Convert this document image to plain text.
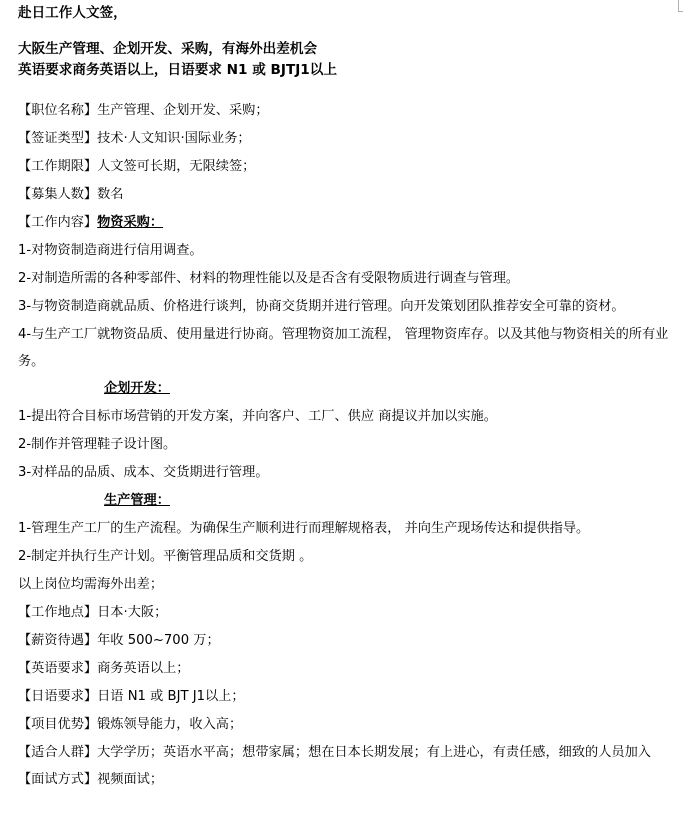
赴日工作人文签，
大阪生产管理、企划开发、采购，有海外出差机会
英语要求商务英语以上，日语要求 N1 或 BJTJ1以上
【职位名称】生产管理、企划开发、采购；
【签证类型】技术·人文知识·国际业务；
【工作期限】人文签可长期，无限续签；
【募集人数】数名
【工作内容】物资采购：
1-对物资制造商进行信用调查。
2-对制造所需的各种零部件、材料的物理性能以及是否含有受限物质进行调查与管理。
3-与物资制造商就品质、价格进行谈判，协商交货期并进行管理。向开发策划团队推荐安全可靠的资材。
4-与生产工厂就物资品质、使用量进行协商。管理物资加工流程， 管理物资库存。以及其他与物资相关的所有业务。
企划开发：
1-提出符合目标市场营销的开发方案，并向客户、工厂、供应 商提议并加以实施。
2-制作并管理鞋子设计图。
3-对样品的品质、成本、交货期进行管理。
生产管理：
1-管理生产工厂的生产流程。为确保生产顺利进行而理解规格表， 并向生产现场传达和提供指导。
2-制定并执行生产计划。平衡管理品质和交货期 。
以上岗位均需海外出差；
【工作地点】日本·大阪；
【薪资待遇】年收 500~700 万；
【英语要求】商务英语以上；
【日语要求】日语 N1 或 BJT J1以上；
【项目优势】锻炼领导能力，收入高；
【适合人群】大学学历；英语水平高；想带家属；想在日本长期发展；有上进心，有责任感，细致的人员加入
【面试方式】视频面试；
